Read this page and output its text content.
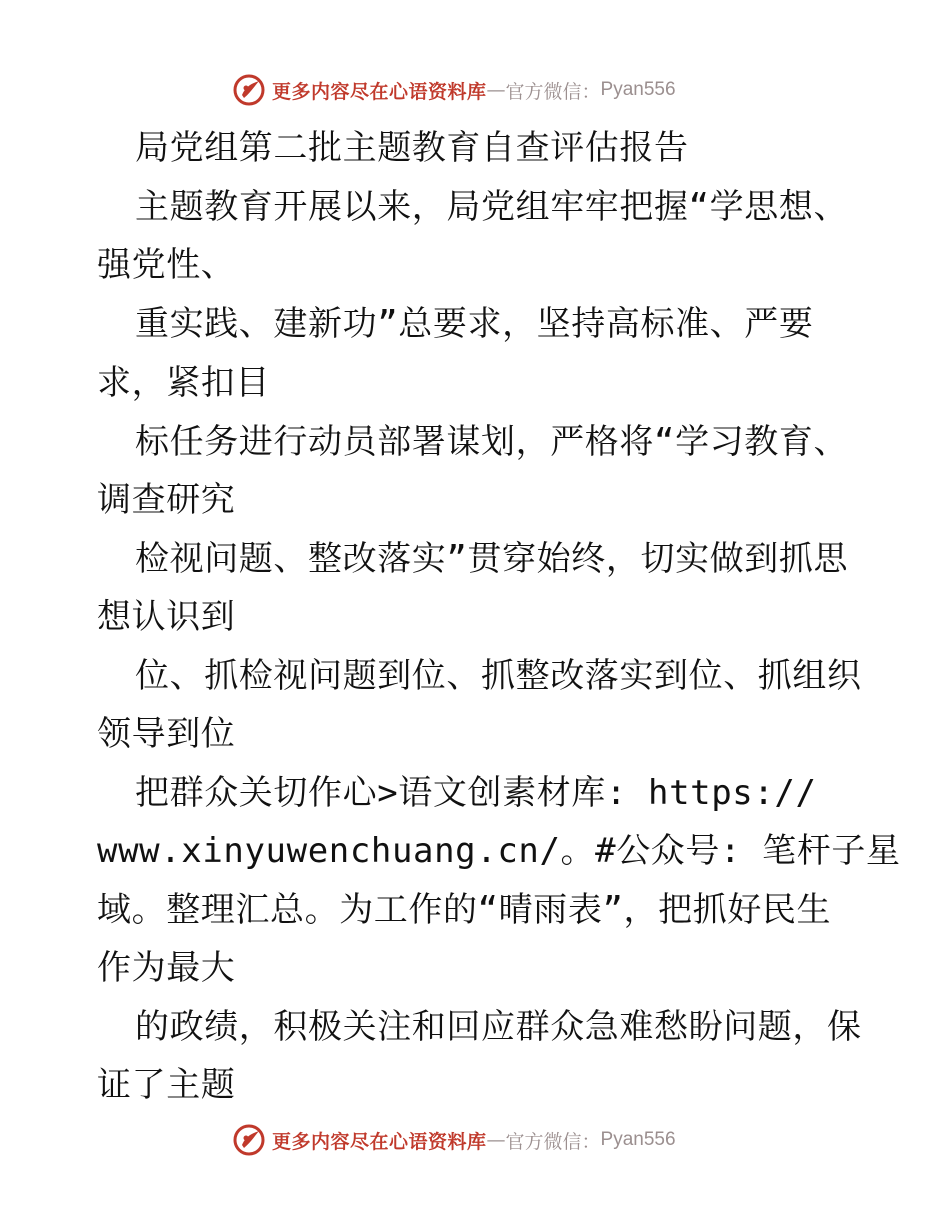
更多内容尽在心语资料库 — 官方微信： Pyan556
局党组第二批主题教育自查评估报告
主题教育开展以来，局党组牢牢把握“学思想、
强党性、
重实践、建新功”总要求，坚持高标准、严要
求，紧扣目
标任务进行动员部署谋划，严格将“学习教育、
调查研究
检视问题、整改落实”贯穿始终，切实做到抓思
想认识到
位、抓检视问题到位、抓整改落实到位、抓组织
领导到位
把群众关切作心>语文创素材库: https://
www.xinyuwenchuang.cn/。#公众号: 笔杆子星
域。整理汇总。为工作的“晴雨表”，把抓好民生
作为最大
的政绩，积极关注和回应群众急难愁盼问题，保
证了主题
更多内容尽在心语资料库 — 官方微信： Pyan556
